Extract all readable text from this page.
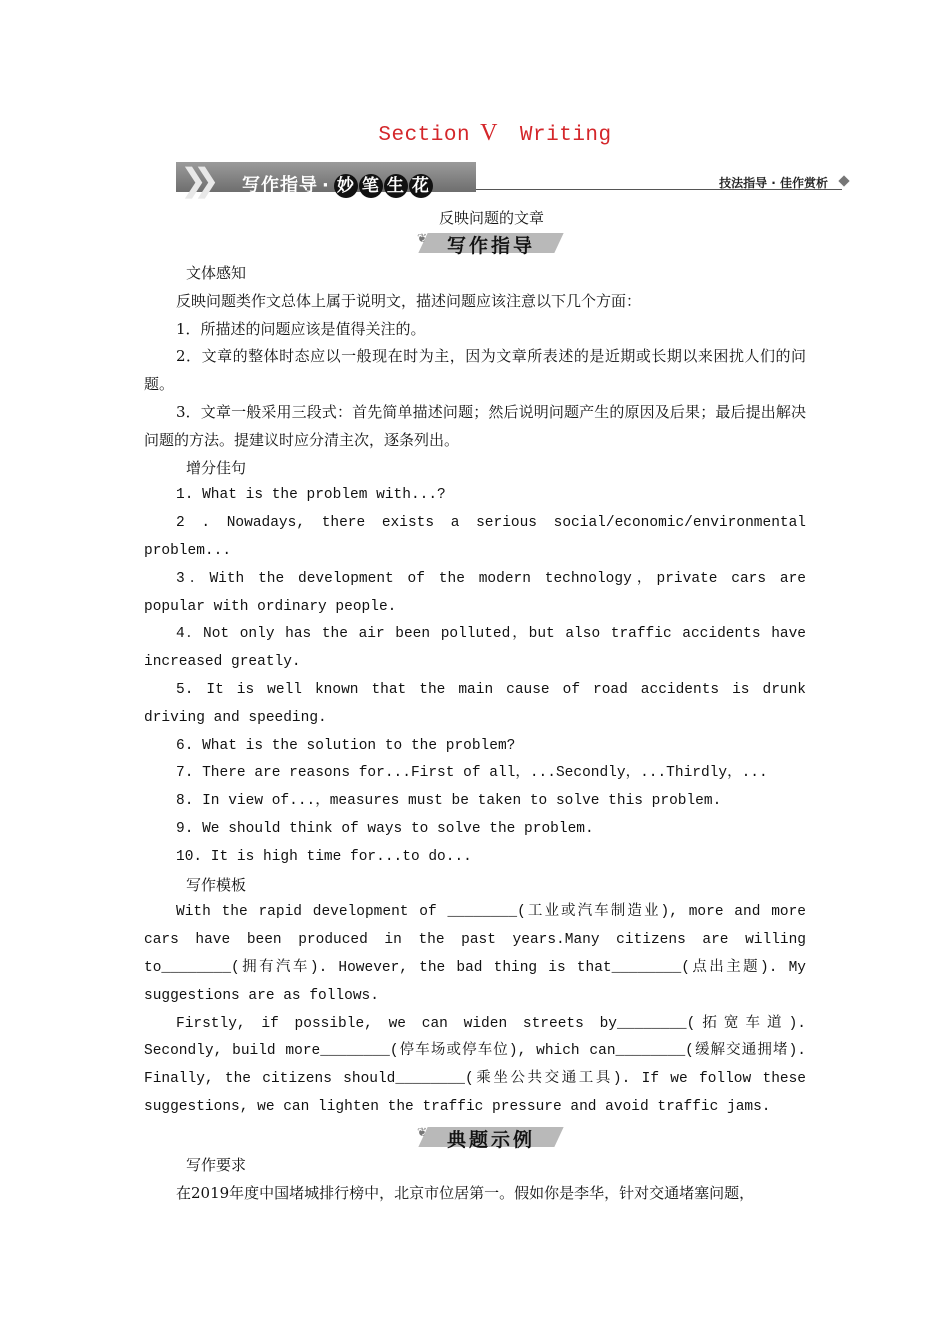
Section V Writing
❯❯ 写作指导 · 妙 笔 生 花	技法指导 · 佳作赏析
反映问题的文章
❦	写作指导

文体感知

反映问题类作文总体上属于说明文，描述问题应该注意以下几个方面：

1．所描述的问题应该是值得关注的。

2．文章的整体时态应以一般现在时为主，因为文章所表述的是近期或长期以来困扰人们的问题。

3．文章一般采用三段式：首先简单描述问题；然后说明问题产生的原因及后果；最后提出解决问题的方法。提建议时应分清主次，逐条列出。

增分佳句

1. What is the problem with...?

2 . Nowadays, there exists a serious social/economic/environmental problem...

3．With the development of the modern technology，private cars are popular with ordinary people.

4．Not only has the air been polluted，but also traffic accidents have increased greatly.

5. It is well known that the main cause of road accidents is drunk driving and speeding.

6. What is the solution to the problem?

7. There are reasons for...First of all，...Secondly，...Thirdly，...

8. In view of...，measures must be taken to solve this problem.

9. We should think of ways to solve the problem.

10. It is high time for...to do...

写作模板

With the rapid development of ________(工业或汽车制造业), more and more cars have been produced in the past years.Many citizens are willing to________(拥有汽车). However, the bad thing is that________(点出主题). My suggestions are as follows.

Firstly, if possible, we can widen streets by________(拓宽车道). Secondly, build more________(停车场或停车位), which can________(缓解交通拥堵). Finally, the citizens should________(乘坐公共交通工具). If we follow these suggestions, we can lighten the traffic pressure and avoid traffic jams.

❦	典题示例

写作要求

在2019年度中国堵城排行榜中，北京市位居第一。假如你是李华，针对交通堵塞问题，
